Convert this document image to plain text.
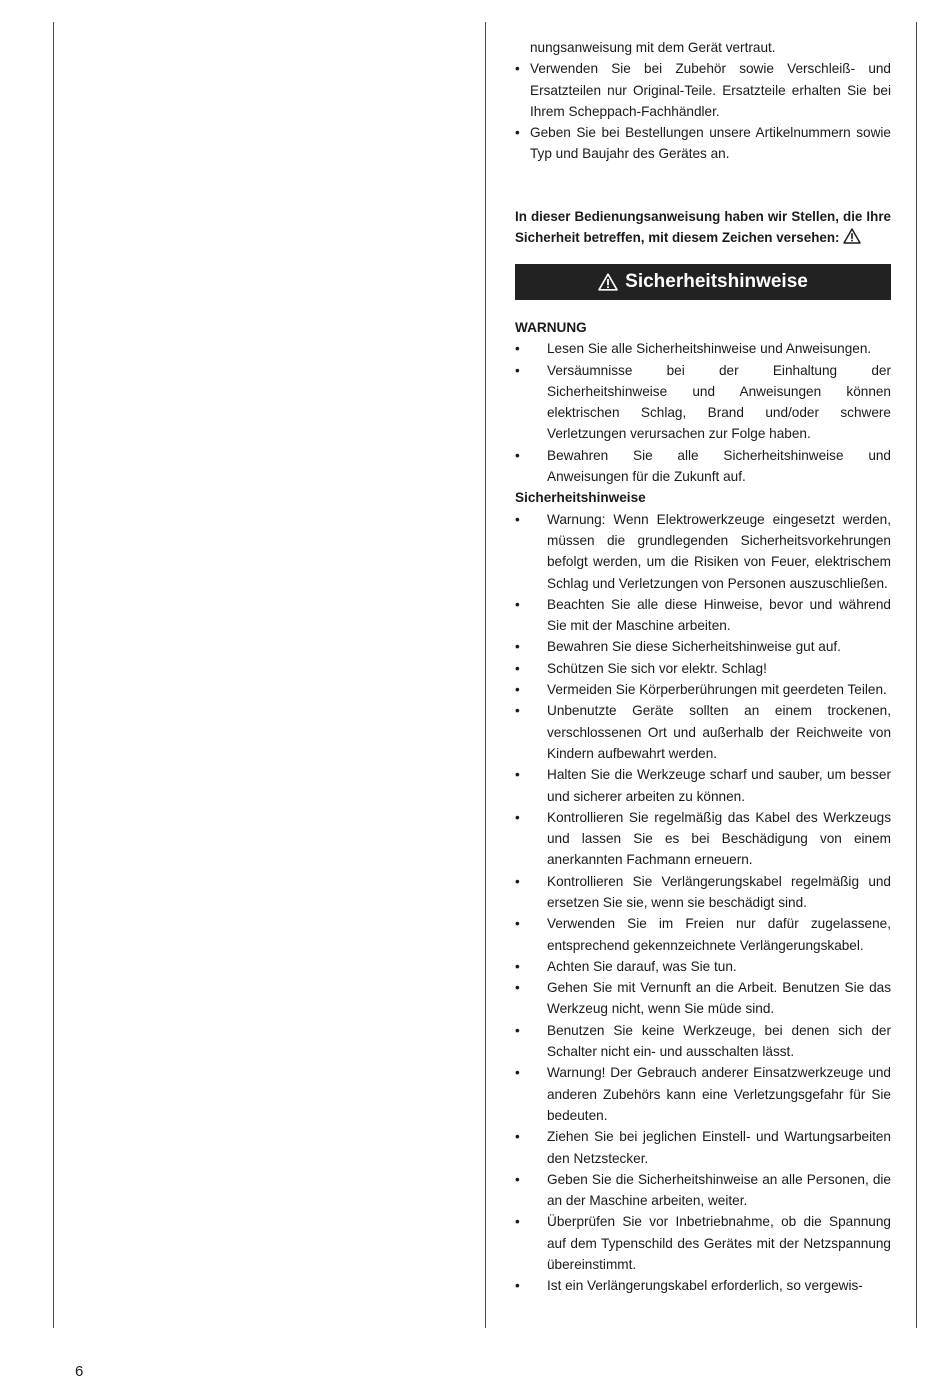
6
nungsanweisung mit dem Gerät vertraut.
• Verwenden Sie bei Zubehör sowie Verschleiß- und Ersatzteilen nur Original-Teile. Ersatzteile erhalten Sie bei Ihrem Scheppach-Fachhändler.
• Geben Sie bei Bestellungen unsere Artikelnummern sowie Typ und Baujahr des Gerätes an.
In dieser Bedienungsanweisung haben wir Stellen, die Ihre Sicherheit betreffen, mit diesem Zeichen versehen:
Sicherheitshinweise
WARNUNG
• Lesen Sie alle Sicherheitshinweise und Anweisungen.
• Versäumnisse bei der Einhaltung der Sicherheitshinweise und Anweisungen können elektrischen Schlag, Brand und/oder schwere Verletzungen verursachen zur Folge haben.
• Bewahren Sie alle Sicherheitshinweise und Anweisungen für die Zukunft auf.
Sicherheitshinweise
• Warnung: Wenn Elektrowerkzeuge eingesetzt werden, müssen die grundlegenden Sicherheitsvorkehrungen befolgt werden, um die Risiken von Feuer, elektrischem Schlag und Verletzungen von Personen auszuschließen.
• Beachten Sie alle diese Hinweise, bevor und während Sie mit der Maschine arbeiten.
• Bewahren Sie diese Sicherheitshinweise gut auf.
• Schützen Sie sich vor elektr. Schlag!
• Vermeiden Sie Körperberührungen mit geerdeten Teilen.
• Unbenutzte Geräte sollten an einem trockenen, verschlossenen Ort und außerhalb der Reichweite von Kindern aufbewahrt werden.
• Halten Sie die Werkzeuge scharf und sauber, um besser und sicherer arbeiten zu können.
• Kontrollieren Sie regelmäßig das Kabel des Werkzeugs und lassen Sie es bei Beschädigung von einem anerkannten Fachmann erneuern.
• Kontrollieren Sie Verlängerungskabel regelmäßig und ersetzen Sie sie, wenn sie beschädigt sind.
• Verwenden Sie im Freien nur dafür zugelassene, entsprechend gekennzeichnete Verlängerungskabel.
• Achten Sie darauf, was Sie tun.
• Gehen Sie mit Vernunft an die Arbeit. Benutzen Sie das Werkzeug nicht, wenn Sie müde sind.
• Benutzen Sie keine Werkzeuge, bei denen sich der Schalter nicht ein- und ausschalten lässt.
• Warnung! Der Gebrauch anderer Einsatzwerkzeuge und anderen Zubehörs kann eine Verletzungsgefahr für Sie bedeuten.
• Ziehen Sie bei jeglichen Einstell- und Wartungsarbeiten den Netzstecker.
• Geben Sie die Sicherheitshinweise an alle Personen, die an der Maschine arbeiten, weiter.
• Überprüfen Sie vor Inbetriebnahme, ob die Spannung auf dem Typenschild des Gerätes mit der Netzspannung übereinstimmt.
• Ist ein Verlängerungskabel erforderlich, so vergewis-
